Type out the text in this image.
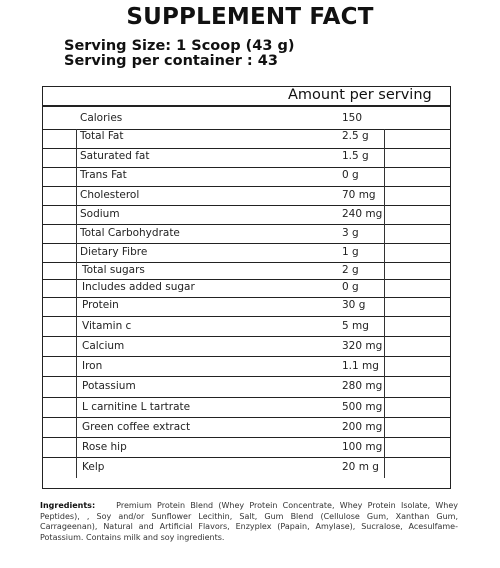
SUPPLEMENT FACT
Serving Size: 1 Scoop (43 g)
Serving per container : 43
Amount per serving
Calories	150
Total Fat	2.5 g
Saturated fat	1.5 g
Trans Fat	0 g
Cholesterol	70 mg
Sodium	240 mg
Total Carbohydrate	3 g
Dietary Fibre	1 g
Total sugars	2 g
Includes added sugar	0 g
Protein	30 g
Vitamin c	5 mg
Calcium	320 mg
Iron	1.1 mg
Potassium	280 mg
L carnitine L tartrate	500 mg
Green coffee extract	200 mg
Rose hip	100 mg
Kelp	20 m g
Ingredients:	Premium Protein Blend (Whey Protein Concentrate, Whey Protein Isolate, Whey Peptides), , Soy and/or Sunflower Lecithin, Salt, Gum Blend (Cellulose Gum, Xanthan Gum, Carrageenan), Natural and Artificial Flavors, Enzyplex (Papain, Amylase), Sucralose, Acesulfame-Potassium. Contains milk and soy ingredients.
